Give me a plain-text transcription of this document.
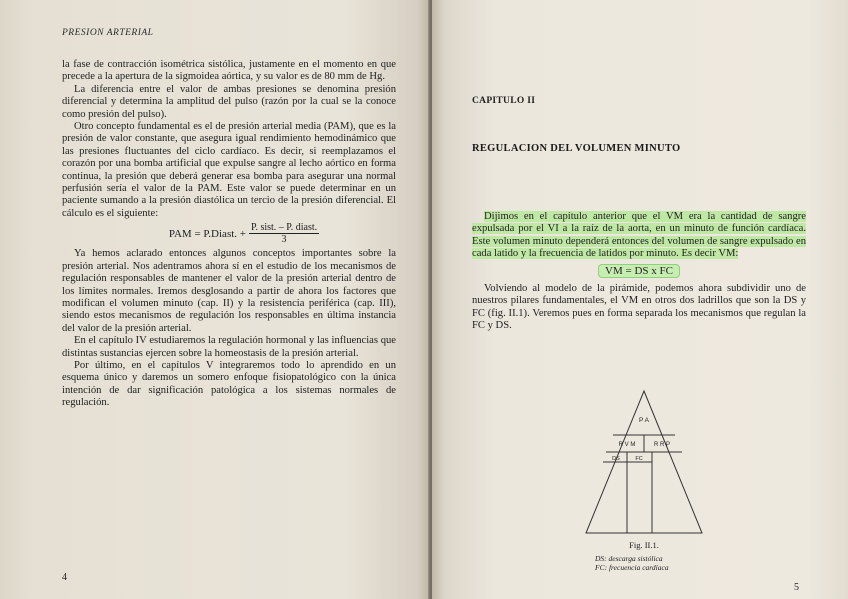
PRESION ARTERIAL

la fase de contracción isométrica sistólica, justamente en el momento en que precede a la apertura de la sigmoidea aórtica, y su valor es de 80 mm de Hg.

La diferencia entre el valor de ambas presiones se denomina presión diferencial y determina la amplitud del pulso (razón por la cual se la conoce como presión del pulso).

Otro concepto fundamental es el de presión arterial media (PAM), que es la presión de valor constante, que asegura igual rendimiento hemodinámico que las presiones fluctuantes del ciclo cardíaco. Es decir, si reemplazamos el corazón por una bomba artificial que expulse sangre al lecho aórtico en forma continua, la presión que deberá generar esa bomba para asegurar una normal perfusión sería el valor de la PAM. Este valor se puede determinar en un paciente sumando a la presión diastólica un tercio de la presión diferencial. El cálculo es el siguiente:

PAM = P.Diast. + $\frac{\text{P. sist. – P. diast.}}{3}$

Ya hemos aclarado entonces algunos conceptos importantes sobre la presión arterial. Nos adentramos ahora sí en el estudio de los mecanismos de regulación responsables de mantener el valor de la presión arterial dentro de los límites normales. Iremos desglosando a partir de ahora los factores que modifican el volumen minuto (cap. II) y la resistencia periférica (cap. III), siendo estos mecanismos de regulación los responsables en última instancia del valor de la presión arterial.

En el capítulo IV estudiaremos la regulación hormonal y las influencias que distintas sustancias ejercen sobre la homeostasis de la presión arterial.

Por último, en el capítulos V integraremos todo lo aprendido en un esquema único y daremos un somero enfoque fisiopatológico con la única intención de dar significación patológica a los sistemas normales de regulación.

4
CAPITULO II
REGULACION DEL VOLUMEN MINUTO

Dijimos en el capítulo anterior que el VM era la cantidad de sangre expulsada por el VI a la raíz de la aorta, en un minuto de función cardíaca. Este volumen minuto dependerá entonces del volumen de sangre expulsado en cada latido y la frecuencia de latidos por minuto. Es decir VM:

VM = DS x FC

Volviendo al modelo de la pirámide, podemos ahora subdividir uno de nuestros pilares fundamentales, el VM en otros dos ladrillos que son la DS y FC (fig. II.1). Veremos pues en forma separada los mecanismos que regulan la FC y DS.

P A
R V M	R R P
DS	FC
Fig. II.1.
DS: descarga sistólica
FC: frecuencia cardíaca
5
